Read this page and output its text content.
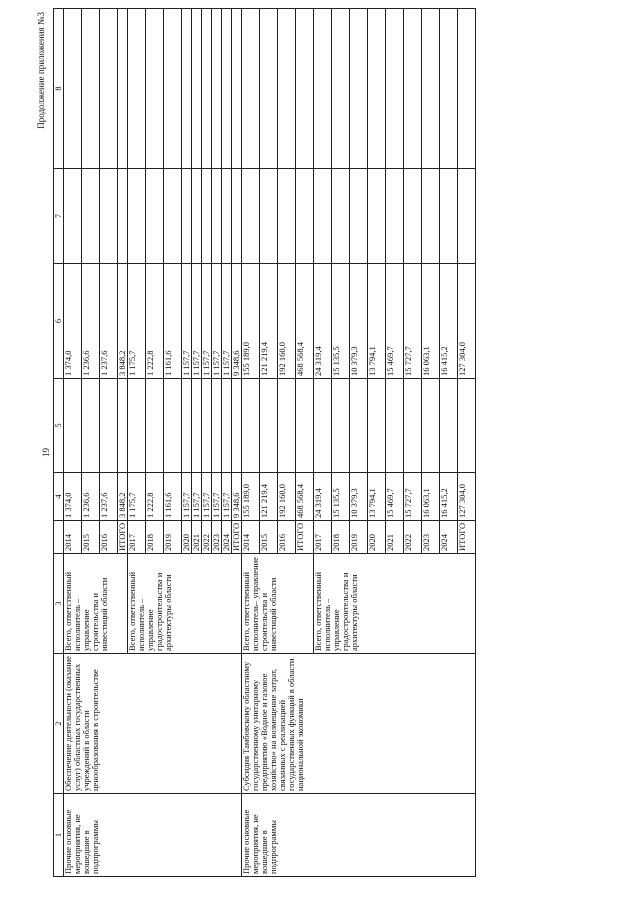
19
Продолжение приложения №3
1	2	3		4	5	6	7	8
Прочие основные мероприятия, не вошедшие в подпрограммы	Обеспечение деятельности (оказание услуг) областных государственных учреждений в области ценообразования в строительстве	Всего, ответственный исполнитель – управление строительства и инвестиций области	2014	1 374,0		1 374,0		
			2015	1 236,6		1 236,6		
			2016	1 237,6		1 237,6		
			ИТОГО	3 848,2		3 848,2		
		Всего, ответственный исполнитель – управление градостроительства и архитектуры области	2017	1 175,7		1 175,7		
			2018	1 222,8		1 222,8		
			2019	1 161,6		1 161,6		
			2020	1 157,7		1 157,7		
			2021	1 157,7		1 157,7		
			2022	1 157,7		1 157,7		
			2023	1 157,7		1 157,7		
			2024	1 157,7		1 157,7		
			ИТОГО	9 348,6		9 348,6		
Прочие основные мероприятия, не вошедшие в подпрограммы	Субсидия Тамбовскому областному государственному унитарному предприятию «Водное и газовое хозяйство» на возмещение затрат, связанных с реализацией государственных функций в области национальной экономики	Всего, ответственный исполнитель– управление строительства и инвестиций области	2014	155 189,0		155 189,0		
			2015	121 219,4		121 219,4		
			2016	192 160,0		192 160,0		
			ИТОГО	468 568,4		468 568,4		
		Всего, ответственный исполнитель – управление градостроительства и архитектуры области	2017	24 319,4		24 319,4		
			2018	15 135,5		15 135,5		
			2019	10 379,3		10 379,3		
			2020	13 794,1		13 794,1		
			2021	15 469,7		15 469,7		
			2022	15 727,7		15 727,7		
			2023	16 063,1		16 063,1		
			2024	16 415,2		16 415,2		
			ИТОГО	127 304,0		127 304,0		
